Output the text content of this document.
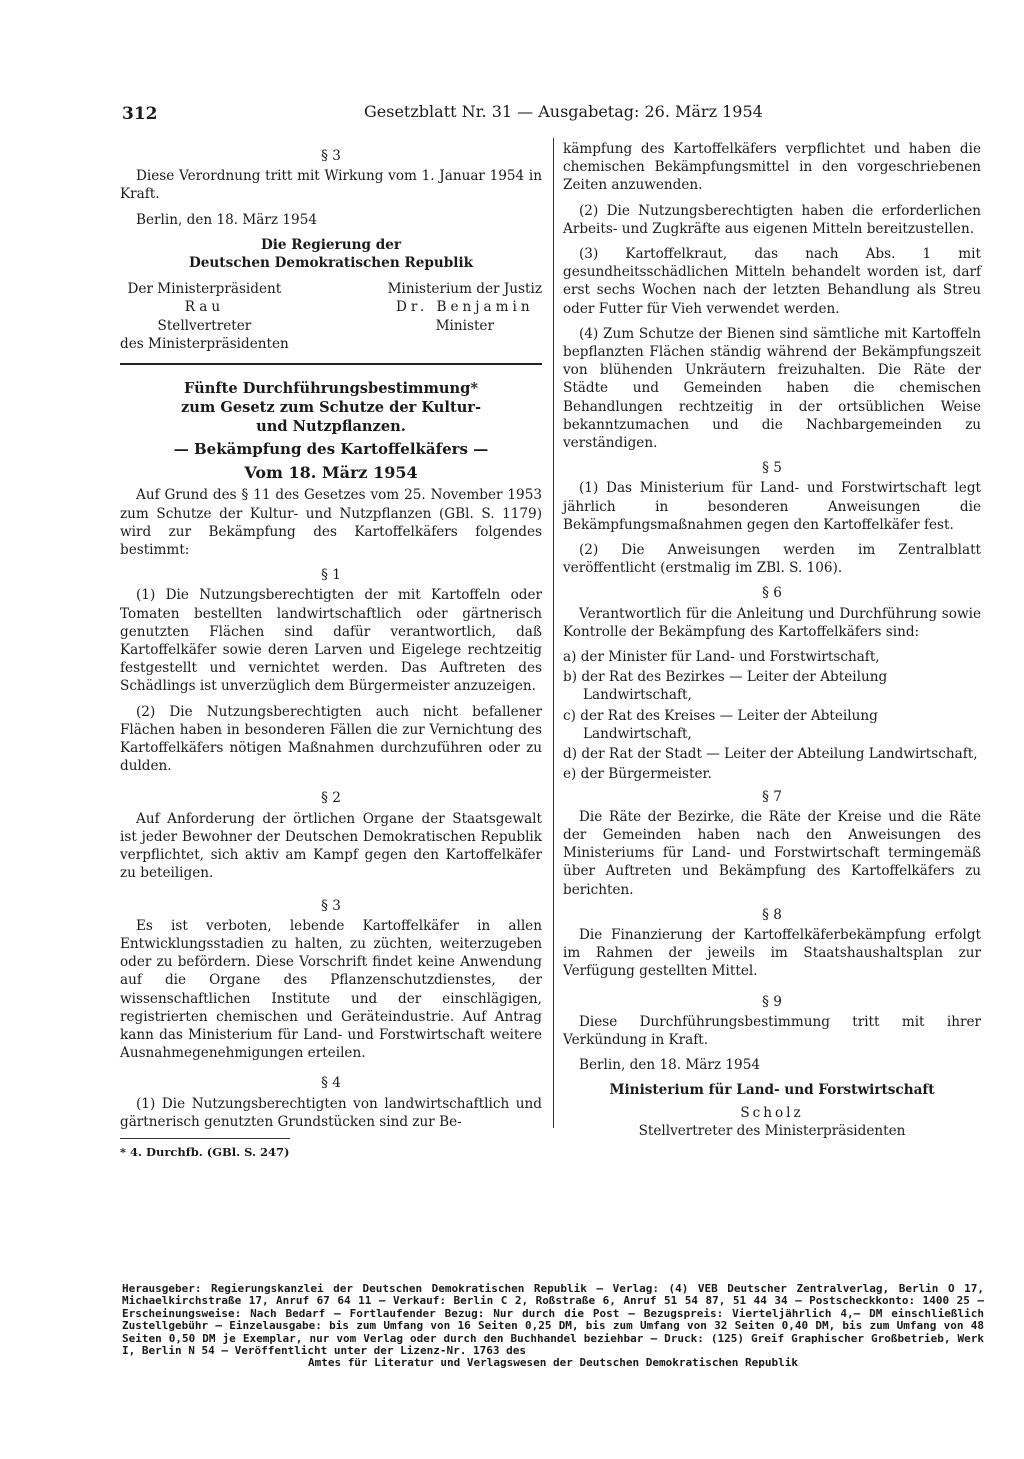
312	Gesetzblatt Nr. 31 — Ausgabetag: 26. März 1954
§ 3

Diese Verordnung tritt mit Wirkung vom 1. Januar 1954 in Kraft.

Berlin, den 18. März 1954

Die Regierung der
Deutschen Demokratischen Republik
Der Ministerpräsident
Rau
Stellvertreter
des Ministerpräsidenten
Ministerium der Justiz
Dr. Benjamin
Minister
Fünfte Durchführungsbestimmung*
zum Gesetz zum Schutze der Kultur-
und Nutzpflanzen.
— Bekämpfung des Kartoffelkäfers —
Vom 18. März 1954

Auf Grund des § 11 des Gesetzes vom 25. November 1953 zum Schutze der Kultur- und Nutzpflanzen (GBl. S. 1179) wird zur Bekämpfung des Kartoffelkäfers folgendes bestimmt:

§ 1

(1) Die Nutzungsberechtigten der mit Kartoffeln oder Tomaten bestellten landwirtschaftlich oder gärtnerisch genutzten Flächen sind dafür verantwortlich, daß Kartoffelkäfer sowie deren Larven und Eigelege rechtzeitig festgestellt und vernichtet werden. Das Auftreten des Schädlings ist unverzüglich dem Bürgermeister anzuzeigen.

(2) Die Nutzungsberechtigten auch nicht befallener Flächen haben in besonderen Fällen die zur Vernichtung des Kartoffelkäfers nötigen Maßnahmen durchzuführen oder zu dulden.

§ 2

Auf Anforderung der örtlichen Organe der Staatsgewalt ist jeder Bewohner der Deutschen Demokratischen Republik verpflichtet, sich aktiv am Kampf gegen den Kartoffelkäfer zu beteiligen.

§ 3

Es ist verboten, lebende Kartoffelkäfer in allen Entwicklungsstadien zu halten, zu züchten, weiterzugeben oder zu befördern. Diese Vorschrift findet keine Anwendung auf die Organe des Pflanzenschutzdienstes, der wissenschaftlichen Institute und der einschlägigen, registrierten chemischen und Geräteindustrie. Auf Antrag kann das Ministerium für Land- und Forstwirtschaft weitere Ausnahmegenehmigungen erteilen.

§ 4

(1) Die Nutzungsberechtigten von landwirtschaftlich und gärtnerisch genutzten Grundstücken sind zur Be-

* 4. Durchfb. (GBl. S. 247)

kämpfung des Kartoffelkäfers verpflichtet und haben die chemischen Bekämpfungsmittel in den vorgeschriebenen Zeiten anzuwenden.

(2) Die Nutzungsberechtigten haben die erforderlichen Arbeits- und Zugkräfte aus eigenen Mitteln bereitzustellen.

(3) Kartoffelkraut, das nach Abs. 1 mit gesundheitsschädlichen Mitteln behandelt worden ist, darf erst sechs Wochen nach der letzten Behandlung als Streu oder Futter für Vieh verwendet werden.

(4) Zum Schutze der Bienen sind sämtliche mit Kartoffeln bepflanzten Flächen ständig während der Bekämpfungszeit von blühenden Unkräutern freizuhalten. Die Räte der Städte und Gemeinden haben die chemischen Behandlungen rechtzeitig in der ortsüblichen Weise bekanntzumachen und die Nachbargemeinden zu verständigen.

§ 5

(1) Das Ministerium für Land- und Forstwirtschaft legt jährlich in besonderen Anweisungen die Bekämpfungsmaßnahmen gegen den Kartoffelkäfer fest.

(2) Die Anweisungen werden im Zentralblatt veröffentlicht (erstmalig im ZBl. S. 106).

§ 6

Verantwortlich für die Anleitung und Durchführung sowie Kontrolle der Bekämpfung des Kartoffelkäfers sind:

a) der Minister für Land- und Forstwirtschaft,
b) der Rat des Bezirkes — Leiter der Abteilung Landwirtschaft,
c) der Rat des Kreises — Leiter der Abteilung Landwirtschaft,
d) der Rat der Stadt — Leiter der Abteilung Landwirtschaft,
e) der Bürgermeister.
§ 7

Die Räte der Bezirke, die Räte der Kreise und die Räte der Gemeinden haben nach den Anweisungen des Ministeriums für Land- und Forstwirtschaft termingemäß über Auftreten und Bekämpfung des Kartoffelkäfers zu berichten.

§ 8

Die Finanzierung der Kartoffelkäferbekämpfung erfolgt im Rahmen der jeweils im Staatshaushaltsplan zur Verfügung gestellten Mittel.

§ 9

Diese Durchführungsbestimmung tritt mit ihrer Verkündung in Kraft.

Berlin, den 18. März 1954

Ministerium für Land- und Forstwirtschaft
Scholz
Stellvertreter des Ministerpräsidenten
Herausgeber: Regierungskanzlei der Deutschen Demokratischen Republik — Verlag: (4) VEB Deutscher Zentralverlag, Berlin O 17, Michaelkirchstraße 17, Anruf 67 64 11 — Verkauf: Berlin C 2, Roßstraße 6, Anruf 51 54 87, 51 44 34 — Postscheckkonto: 1400 25 — Erscheinungsweise: Nach Bedarf — Fortlaufender Bezug: Nur durch die Post — Bezugspreis: Vierteljährlich 4,— DM einschließlich Zustellgebühr — Einzelausgabe: bis zum Umfang von 16 Seiten 0,25 DM, bis zum Umfang von 32 Seiten 0,40 DM, bis zum Umfang von 48 Seiten 0,50 DM je Exemplar, nur vom Verlag oder durch den Buchhandel beziehbar — Druck: (125) Greif Graphischer Großbetrieb, Werk I, Berlin N 54 — Veröffentlicht unter der Lizenz-Nr. 1763 des
Amtes für Literatur und Verlagswesen der Deutschen Demokratischen Republik
